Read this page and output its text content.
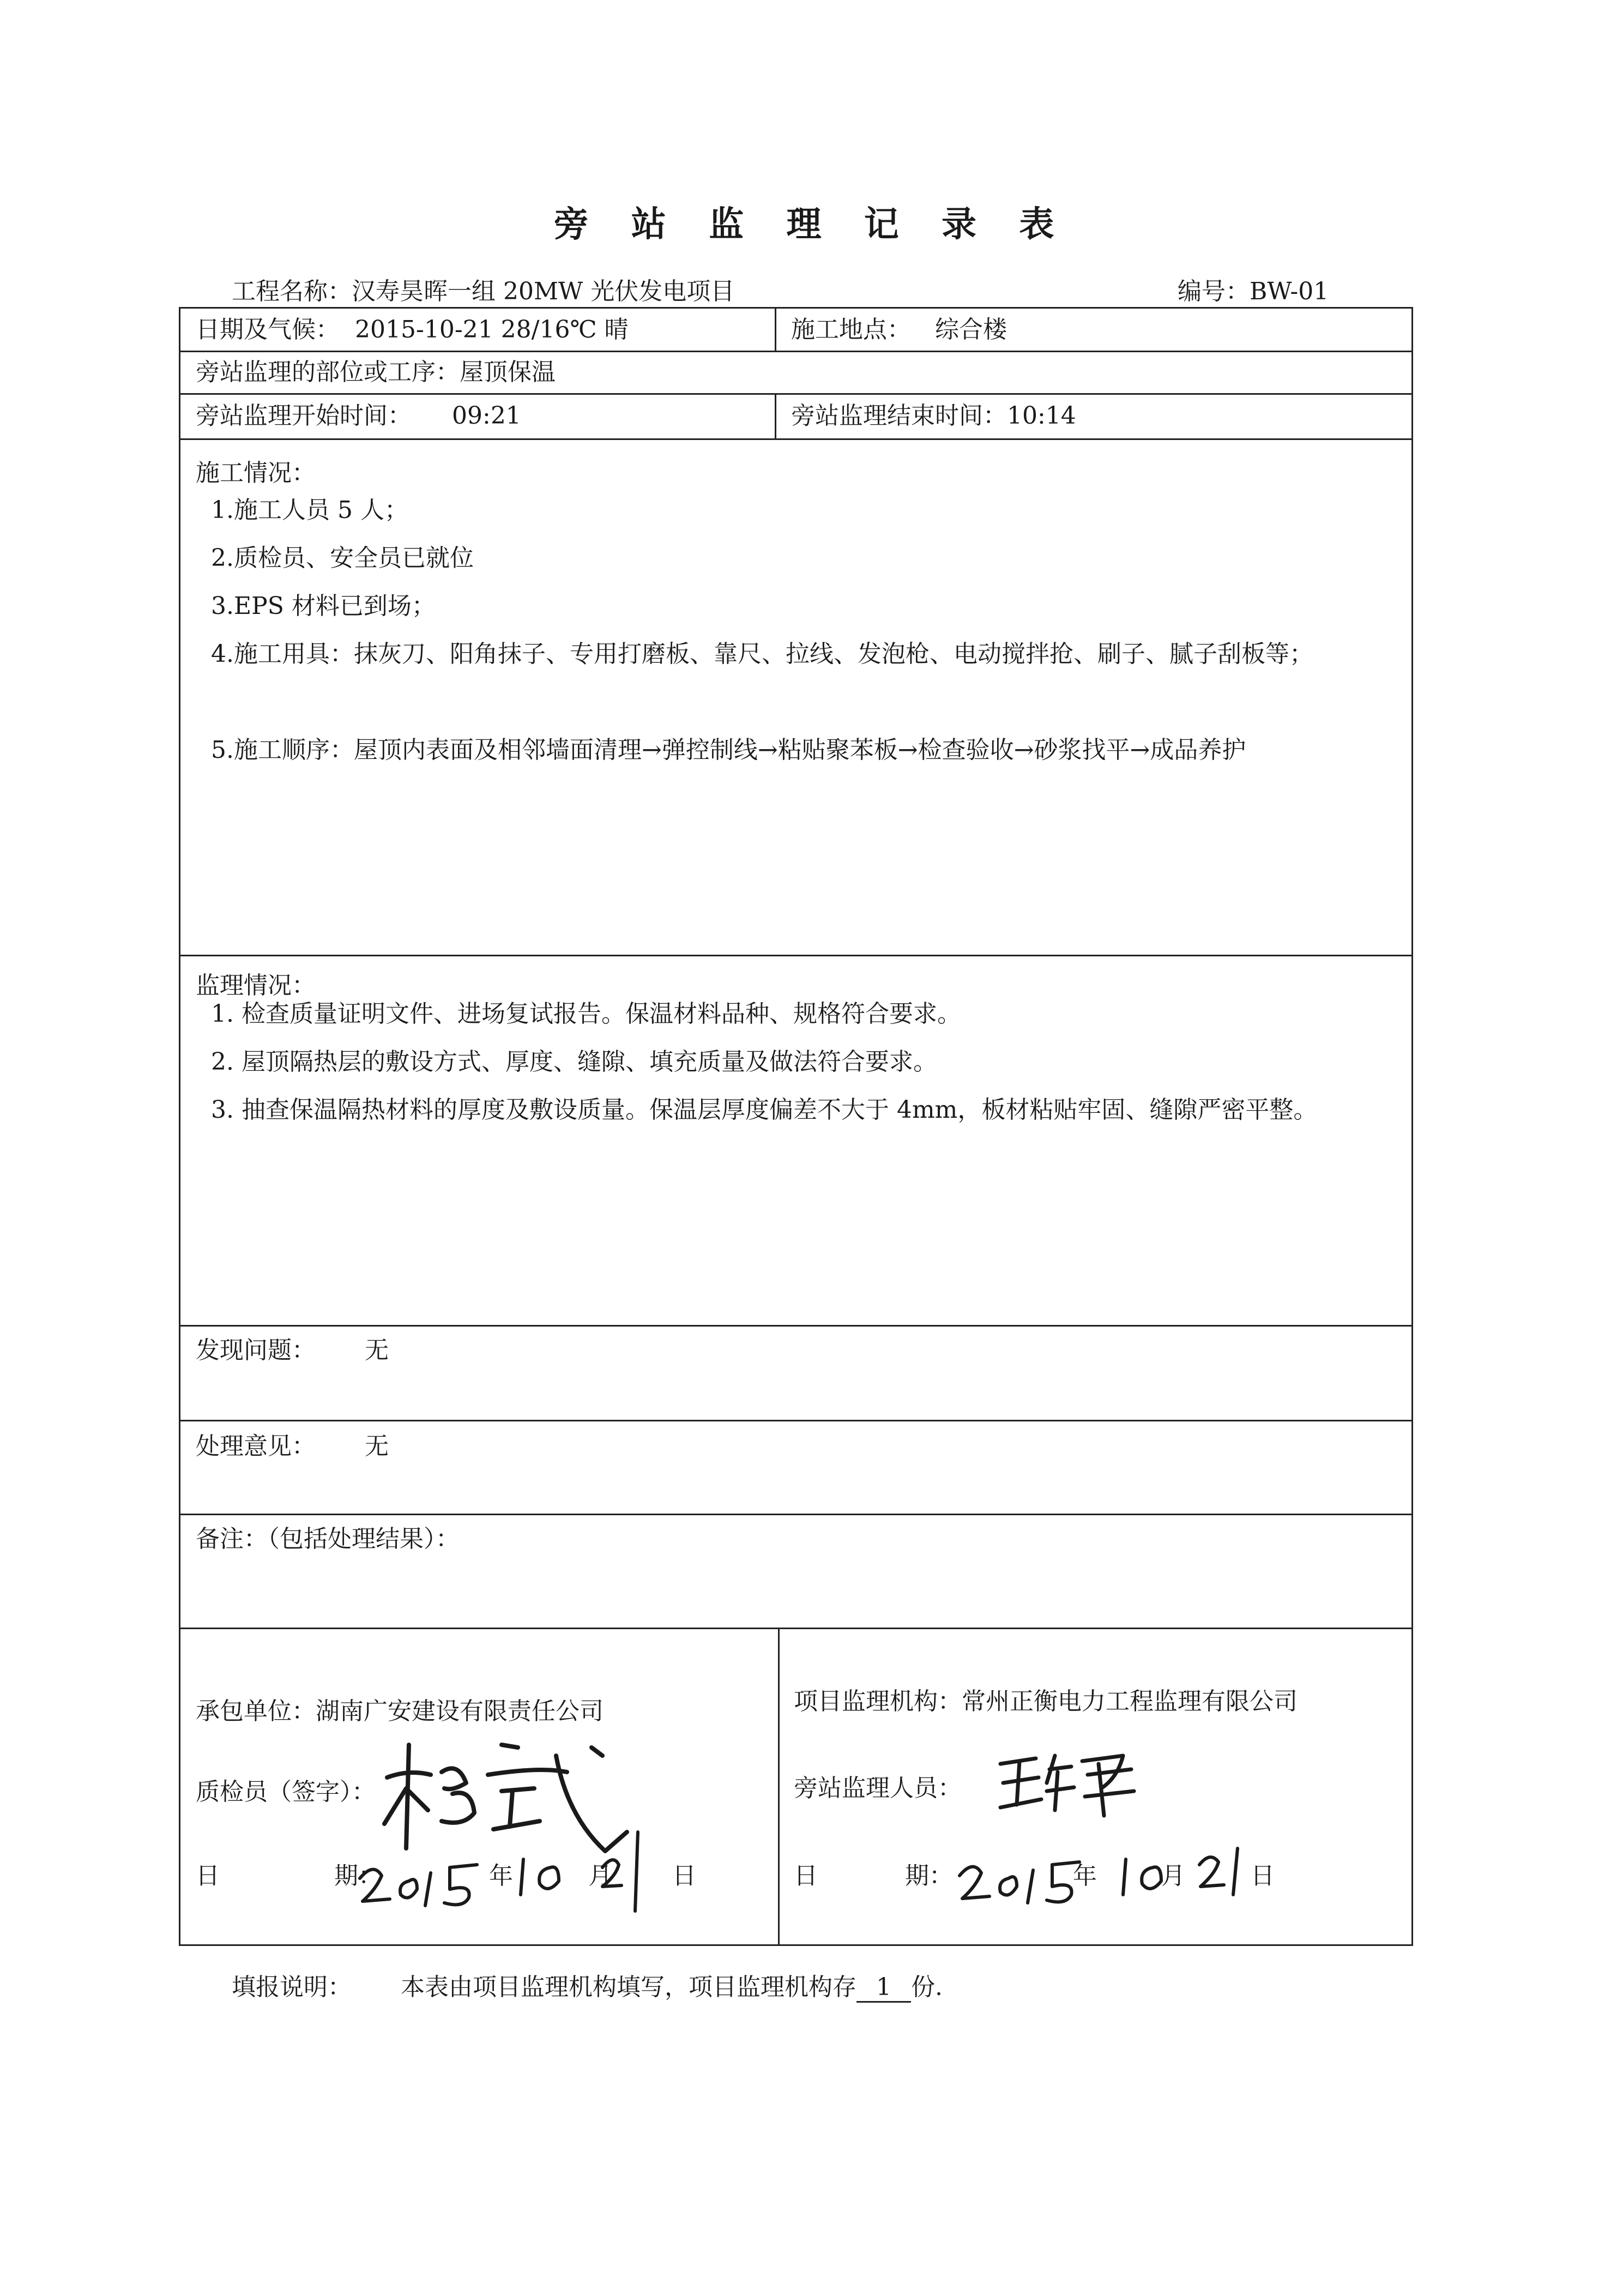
旁 站 监 理 记 录 表
工程名称：汉寿昊晖一组 20MW 光伏发电项目	编号：BW-01
日期及气候： 2015-10-21 28/16℃ 晴	施工地点： 综合楼
旁站监理的部位或工序：屋顶保温
旁站监理开始时间： 09:21	旁站监理结束时间：10:14
施工情况：

1.施工人员 5 人；

2.质检员、安全员已就位

3.EPS 材料已到场；

4.施工用具：抹灰刀、阳角抹子、专用打磨板、靠尺、拉线、发泡枪、电动搅拌抢、刷子、腻子刮板等；

5.施工顺序：屋顶内表面及相邻墙面清理→弹控制线→粘贴聚苯板→检查验收→砂浆找平→成品养护

监理情况：

1. 检查质量证明文件、进场复试报告。保温材料品种、规格符合要求。

2. 屋顶隔热层的敷设方式、厚度、缝隙、填充质量及做法符合要求。

3. 抽查保温隔热材料的厚度及敷设质量。保温层厚度偏差不大于 4mm，板材粘贴牢固、缝隙严密平整。

发现问题： 无
处理意见： 无
备注：（包括处理结果）：
承包单位：湖南广安建设有限责任公司
质检员（签字）：
日	期：	年	月	日
项目监理机构：常州正衡电力工程监理有限公司
旁站监理人员：
日	期：	年	月	日
填报说明： 本表由项目监理机构填写，项目监理机构存 1 份.
